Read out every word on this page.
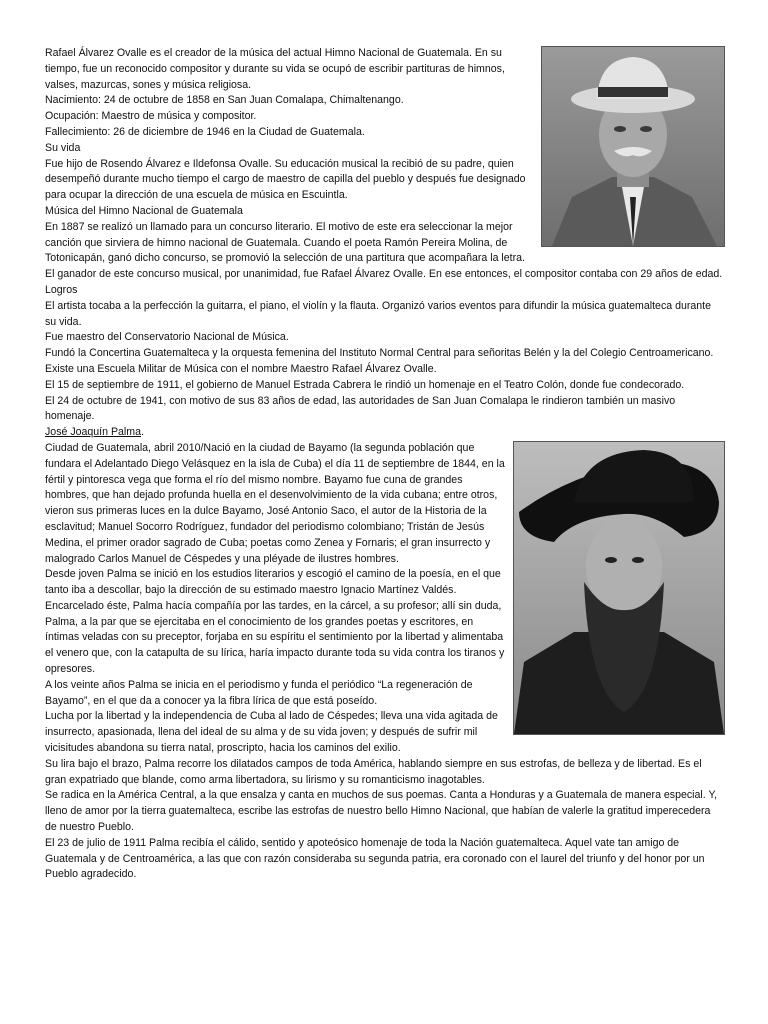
Rafael Álvarez Ovalle es el creador de la música del actual Himno Nacional de Guatemala. En su tiempo, fue un reconocido compositor y durante su vida se ocupó de escribir partituras de himnos, valses, mazurcas, sones y música religiosa.

Nacimiento: 24 de octubre de 1858 en San Juan Comalapa, Chimaltenango.

Ocupación: Maestro de música y compositor.

Fallecimiento: 26 de diciembre de 1946 en la Ciudad de Guatemala.

Su vida

Fue hijo de Rosendo Álvarez e Ildefonsa Ovalle. Su educación musical la recibió de su padre, quien desempeñó durante mucho tiempo el cargo de maestro de capilla del pueblo y después fue designado para ocupar la dirección de una escuela de música en Escuintla.

Música del Himno Nacional de Guatemala

En 1887 se realizó un llamado para un concurso literario. El motivo de este era seleccionar la mejor canción que sirviera de himno nacional de Guatemala. Cuando el poeta Ramón Pereira Molina, de Totonicapán, ganó dicho concurso, se promovió la selección de una partitura que acompañara la letra.

El ganador de este concurso musical, por unanimidad, fue Rafael Álvarez Ovalle. En ese entonces, el compositor contaba con 29 años de edad.

Logros

El artista tocaba a la perfección la guitarra, el piano, el violín y la flauta. Organizó varios eventos para difundir la música guatemalteca durante su vida.

Fue maestro del Conservatorio Nacional de Música.

Fundó la Concertina Guatemalteca y la orquesta femenina del Instituto Normal Central para señoritas Belén y la del Colegio Centroamericano.

Existe una Escuela Militar de Música con el nombre Maestro Rafael Álvarez Ovalle.

El 15 de septiembre de 1911, el gobierno de Manuel Estrada Cabrera le rindió un homenaje en el Teatro Colón, donde fue condecorado.

El 24 de octubre de 1941, con motivo de sus 83 años de edad, las autoridades de San Juan Comalapa le rindieron también un masivo homenaje.

José Joaquín Palma.

Ciudad de Guatemala, abril 2010/Nació en la ciudad de Bayamo (la segunda población que fundara el Adelantado Diego Velásquez en la isla de Cuba) el día 11 de septiembre de 1844, en la fértil y pintoresca vega que forma el río del mismo nombre. Bayamo fue cuna de grandes hombres, que han dejado profunda huella en el desenvolvimiento de la vida cubana; entre otros, vieron sus primeras luces en la dulce Bayamo, José Antonio Saco, el autor de la Historia de la esclavitud; Manuel Socorro Rodríguez, fundador del periodismo colombiano; Tristán de Jesús Medina, el primer orador sagrado de Cuba; poetas como Zenea y Fornaris; el gran insurrecto y malogrado Carlos Manuel de Céspedes y una pléyade de ilustres hombres.

Desde joven Palma se inició en los estudios literarios y escogió el camino de la poesía, en el que tanto iba a descollar, bajo la dirección de su estimado maestro Ignacio Martínez Valdés. Encarcelado éste, Palma hacía compañía por las tardes, en la cárcel, a su profesor; allí sin duda, Palma, a la par que se ejercitaba en el conocimiento de los grandes poetas y escritores, en íntimas veladas con su preceptor, forjaba en su espíritu el sentimiento por la libertad y alimentaba el venero que, con la catapulta de su lírica, haría impacto durante toda su vida contra los tiranos y opresores.

A los veinte años Palma se inicia en el periodismo y funda el periódico “La regeneración de Bayamo”, en el que da a conocer ya la fibra lírica de que está poseído.

Lucha por la libertad y la independencia de Cuba al lado de Céspedes; lleva una vida agitada de insurrecto, apasionada, llena del ideal de su alma y de su vida joven; y después de sufrir mil vicisitudes abandona su tierra natal, proscripto, hacia los caminos del exilio.

Su lira bajo el brazo, Palma recorre los dilatados campos de toda América, hablando siempre en sus estrofas, de belleza y de libertad. Es el gran expatriado que blande, como arma libertadora, su lirismo y su romanticismo inagotables.

Se radica en la América Central, a la que ensalza y canta en muchos de sus poemas. Canta a Honduras y a Guatemala de manera especial. Y, lleno de amor por la tierra guatemalteca, escribe las estrofas de nuestro bello Himno Nacional, que habían de valerle la gratitud imperecedera de nuestro Pueblo.

El 23 de julio de 1911 Palma recibía el cálido, sentido y apoteósico homenaje de toda la Nación guatemalteca. Aquel vate tan amigo de Guatemala y de Centroamérica, a las que con razón consideraba su segunda patria, era coronado con el laurel del triunfo y del honor por un Pueblo agradecido.
